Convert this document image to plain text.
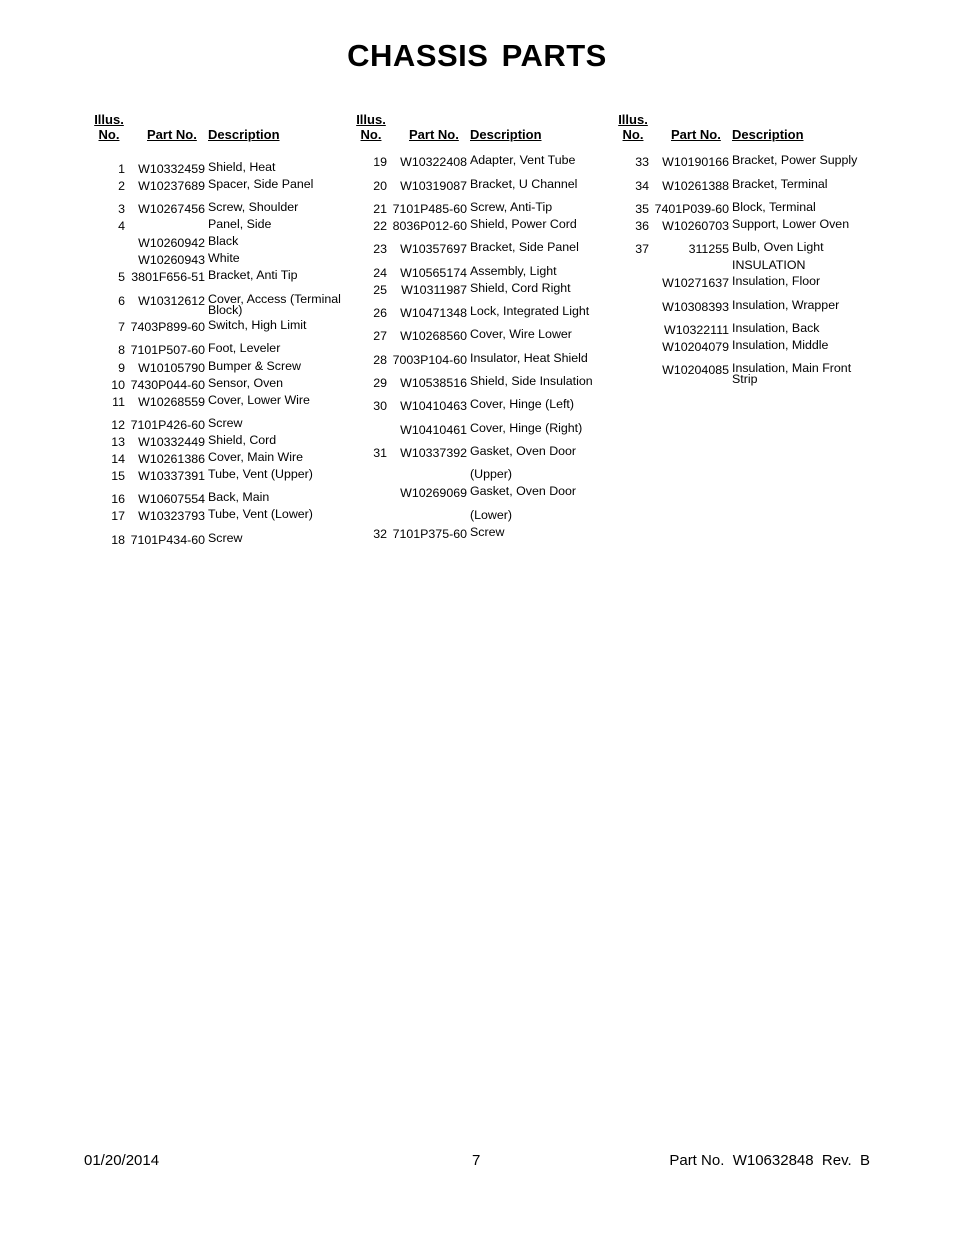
CHASSIS PARTS
Illus.
No.	Part No. Description
1	W10332459 Shield, Heat
2	W10237689 Spacer, Side Panel
3	W10267456 Screw, Shoulder
4	Panel, Side
W10260942 Black
W10260943 White
5 3801F656-51 Bracket, Anti Tip
6	W10312612 Cover, Access (Terminal Block)
7 7403P899-60 Switch, High Limit
8 7101P507-60 Foot, Leveler
9	W10105790 Bumper & Screw
10 7430P044-60 Sensor, Oven
11	W10268559 Cover, Lower Wire
12 7101P426-60 Screw
13	W10332449 Shield, Cord
14	W10261386 Cover, Main Wire
15	W10337391 Tube, Vent (Upper)
16	W10607554 Back, Main
17	W10323793 Tube, Vent (Lower)
18 7101P434-60 Screw
Illus.
No.	Part No. Description
19	W10322408 Adapter, Vent Tube
20	W10319087 Bracket, U Channel
21 7101P485-60 Screw, Anti-Tip
22 8036P012-60 Shield, Power Cord
23	W10357697 Bracket, Side Panel
24	W10565174 Assembly, Light
25	W10311987 Shield, Cord Right
26	W10471348 Lock, Integrated Light
27	W10268560 Cover, Wire Lower
28 7003P104-60 Insulator, Heat Shield
29	W10538516 Shield, Side Insulation
30	W10410463 Cover, Hinge (Left)
W10410461 Cover, Hinge (Right)
31	W10337392 Gasket, Oven Door
(Upper)
W10269069 Gasket, Oven Door
(Lower)
32 7101P375-60 Screw
Illus.
No.	Part No. Description
33	W10190166 Bracket, Power Supply
34	W10261388 Bracket, Terminal
35 7401P039-60 Block, Terminal
36	W10260703 Support, Lower Oven
37	311255 Bulb, Oven Light
INSULATION
W10271637 Insulation, Floor
W10308393 Insulation, Wrapper
W10322111 Insulation, Back
W10204079 Insulation, Middle
W10204085 Insulation, Main Front Strip
01/20/2014	7	Part No.  W10632848  Rev.  B
